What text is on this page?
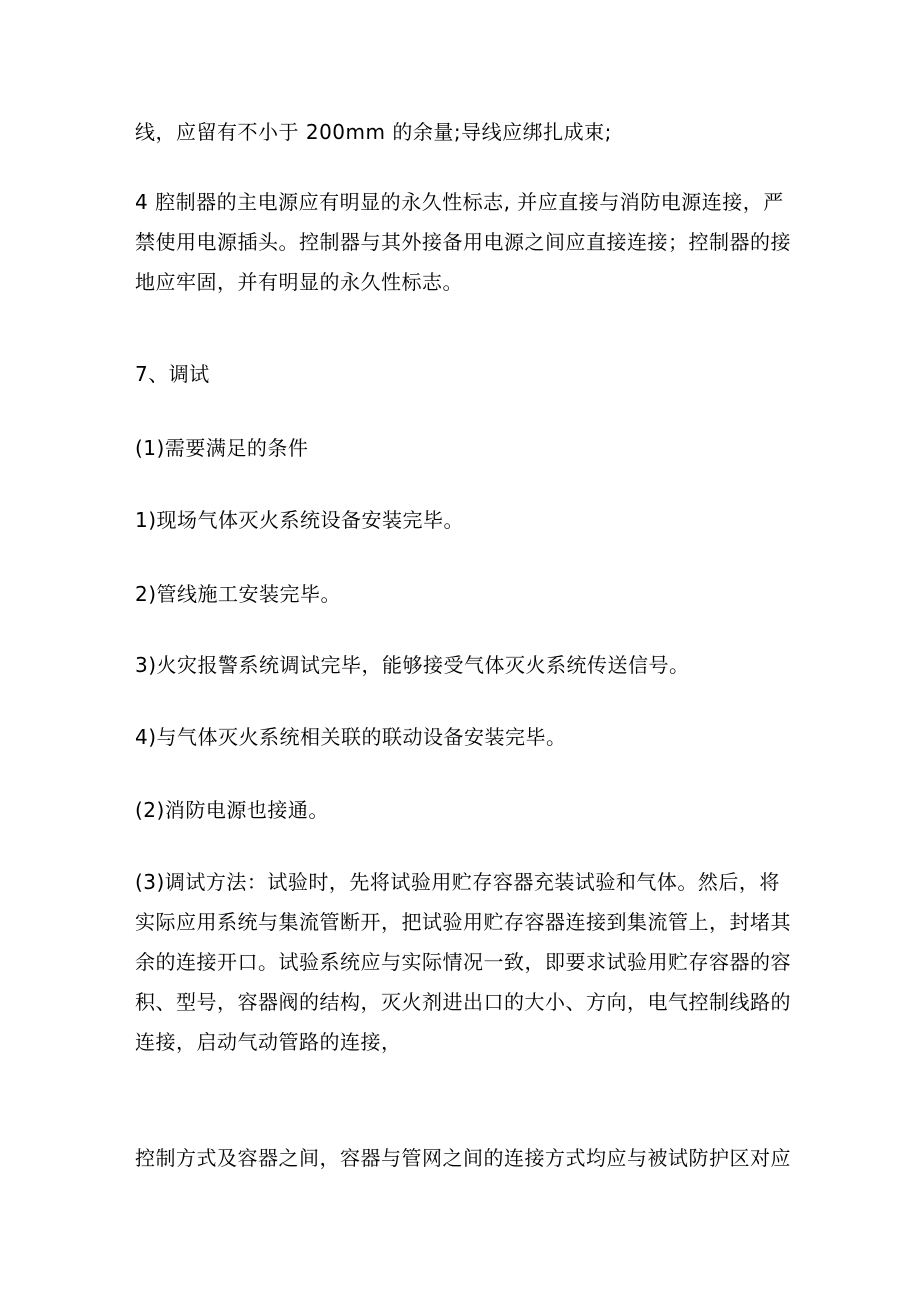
线，应留有不小于 200mm 的余量;导线应绑扎成束;

4 腔制器的主电源应有明显的永久性标志, 并应直接与消防电源连接，严
禁使用电源插头。控制器与其外接备用电源之间应直接连接；控制器的接
地应牢固，并有明显的永久性标志。

7、调试

(1)需要满足的条件

1)现场气体灭火系统设备安装完毕。

2)管线施工安装完毕。

3)火灾报警系统调试完毕，能够接受气体灭火系统传送信号。

4)与气体灭火系统相关联的联动设备安装完毕。

(2)消防电源也接通。

(3)调试方法：试验时，先将试验用贮存容器充装试验和气体。然后，将
实际应用系统与集流管断开，把试验用贮存容器连接到集流管上，封堵其
余的连接开口。试验系统应与实际情况一致，即要求试验用贮存容器的容
积、型号，容器阀的结构，灭火剂进出口的大小、方向，电气控制线路的
连接，启动气动管路的连接，

控制方式及容器之间，容器与管网之间的连接方式均应与被试防护区对应
